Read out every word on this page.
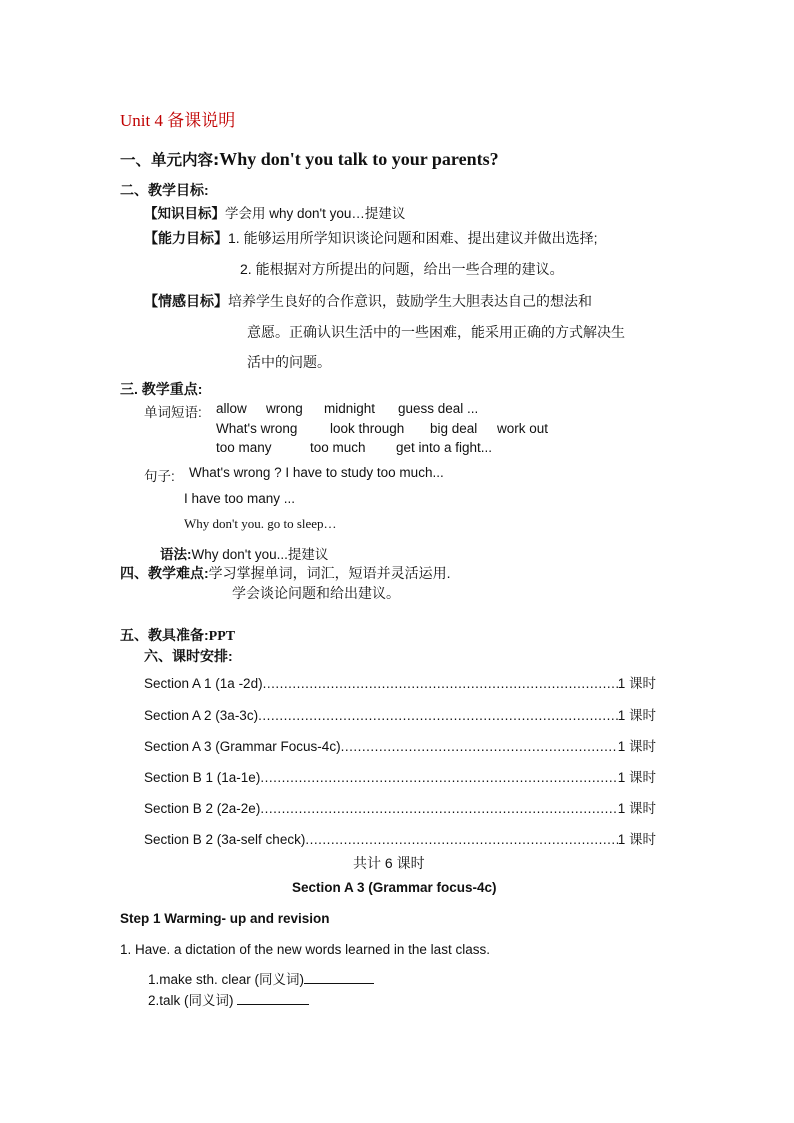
Unit 4 备课说明
一、单元内容:Why don't you talk to your parents?
二、教学目标:
【知识目标】学会用 why don't you…提建议
【能力目标】1. 能够运用所学知识谈论问题和困难、提出建议并做出选择;
2. 能根据对方所提出的问题，给出一些合理的建议。
【情感目标】培养学生良好的合作意识，鼓励学生大胆表达自己的想法和
意愿。正确认识生活中的一些困难，能采用正确的方式解决生
活中的问题。
三. 教学重点:
单词短语: allow wrong midnight guess deal ...
What's wrong look through big deal work out
too many	too much get into a fight...
句子: What's wrong ? I have to study too much...
I have too many ...
Why don't you. go to sleep…
语法:Why don't you...提建议
四、教学难点:学习掌握单词，词汇，短语并灵活运用.
学会谈论问题和给出建议。
五、教具准备:PPT
六、课时安排:
Section A 1 (1a -2d) .....	1 课时
Section A 2 (3a-3c) .....	1 课时
Section A 3 (Grammar Focus-4c) .....	1 课时
Section B 1 (1a-1e) .....	1 课时
Section B 2 (2a-2e) .....	1 课时
Section B 2 (3a-self check) .....	1 课时
共计 6 课时
Section A 3 (Grammar focus-4c)
Step 1 Warming- up and revision
1. Have. a dictation of the new words learned in the last class.
1.make sth. clear (同义词)
2.talk (同义词)
